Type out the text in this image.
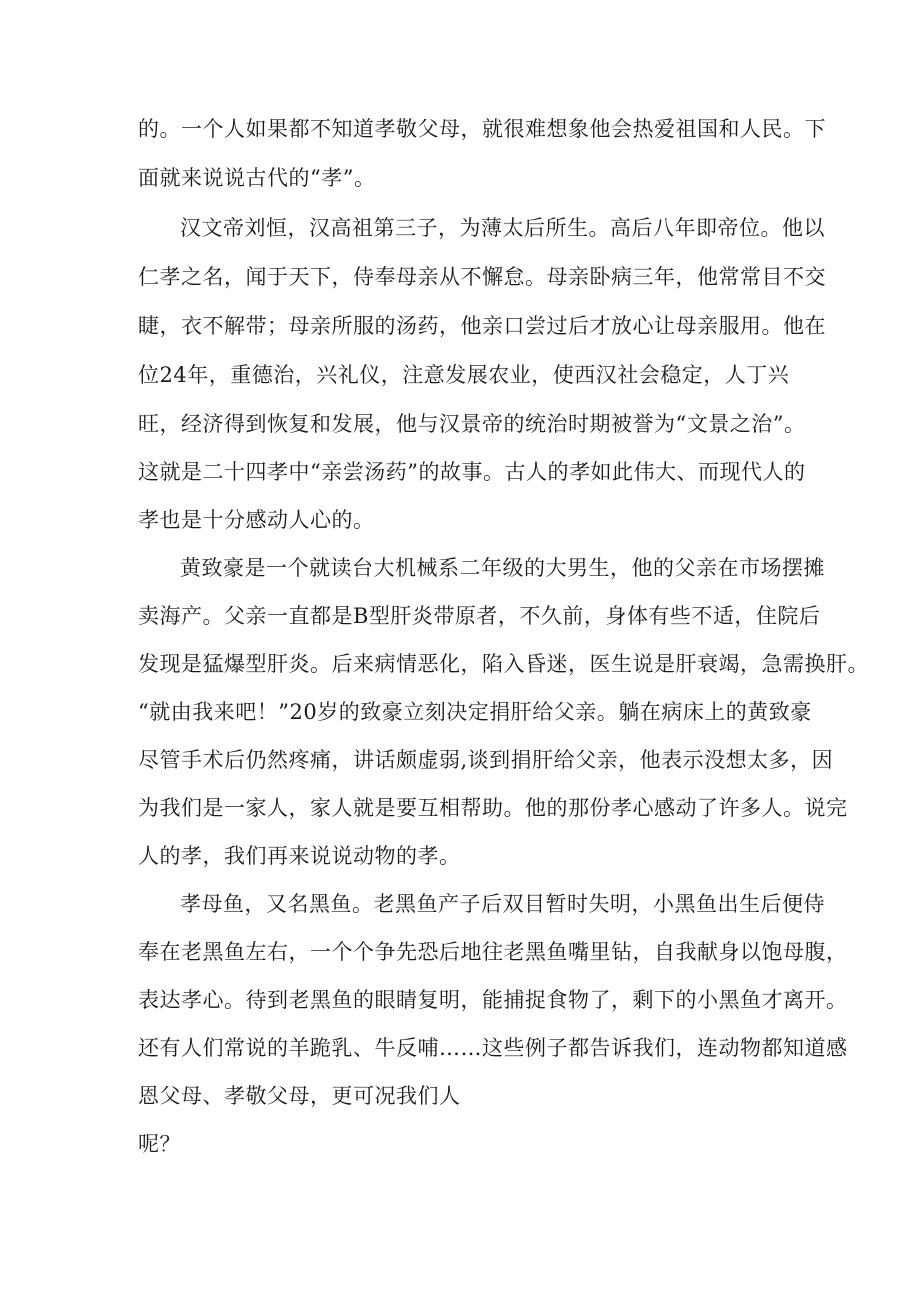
的。一个人如果都不知道孝敬父母，就很难想象他会热爱祖国和人民。下
面就来说说古代的“孝”。
汉文帝刘恒，汉高祖第三子，为薄太后所生。高后八年即帝位。他以
仁孝之名，闻于天下，侍奉母亲从不懈怠。母亲卧病三年，他常常目不交
睫，衣不解带；母亲所服的汤药，他亲口尝过后才放心让母亲服用。他在
位24年，重德治，兴礼仪，注意发展农业，使西汉社会稳定，人丁兴
旺，经济得到恢复和发展，他与汉景帝的统治时期被誉为“文景之治”。
这就是二十四孝中“亲尝汤药”的故事。古人的孝如此伟大、而现代人的
孝也是十分感动人心的。
黄致豪是一个就读台大机械系二年级的大男生，他的父亲在市场摆摊
卖海产。父亲一直都是B型肝炎带原者，不久前，身体有些不适，住院后
发现是猛爆型肝炎。后来病情恶化，陷入昏迷，医生说是肝衰竭，急需换肝。
“就由我来吧！”20岁的致豪立刻决定捐肝给父亲。躺在病床上的黄致豪
尽管手术后仍然疼痛，讲话颇虚弱,谈到捐肝给父亲，他表示没想太多，因
为我们是一家人，家人就是要互相帮助。他的那份孝心感动了许多人。说完
人的孝，我们再来说说动物的孝。
孝母鱼，又名黑鱼。老黑鱼产子后双目暂时失明，小黑鱼出生后便侍
奉在老黑鱼左右，一个个争先恐后地往老黑鱼嘴里钻，自我献身以饱母腹，
表达孝心。待到老黑鱼的眼睛复明，能捕捉食物了，剩下的小黑鱼才离开。
还有人们常说的羊跪乳、牛反哺……这些例子都告诉我们，连动物都知道感
恩父母、孝敬父母，更可况我们人
呢？
